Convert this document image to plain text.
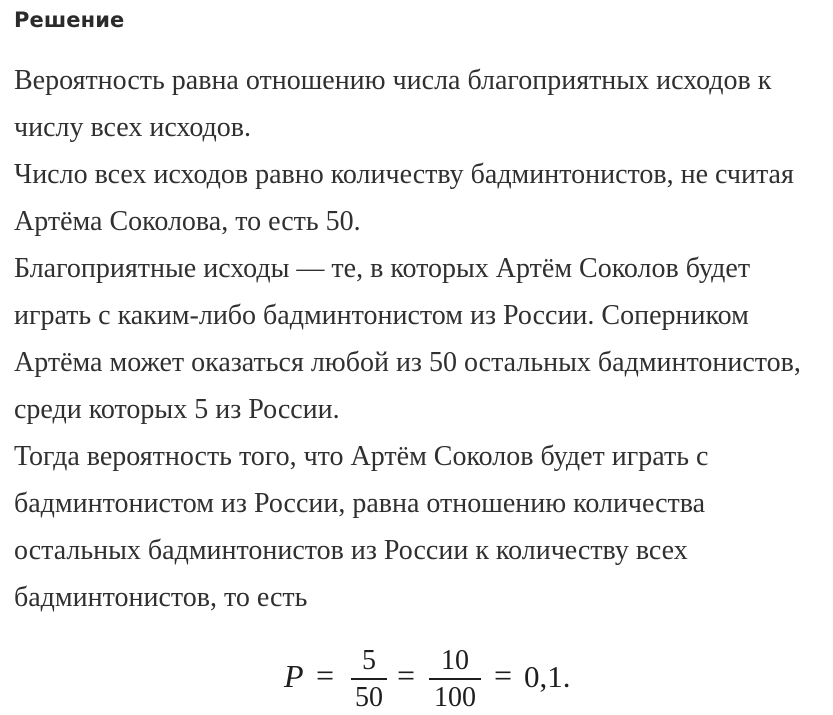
Решение

Вероятность равна отношению числа благоприятных исходов к числу всех исходов.

Число всех исходов равно количеству бадминтонистов, не считая Артёма Соколова, то есть 50.

Благоприятные исходы — те, в которых Артём Соколов будет играть с каким-либо бадминтонистом из России. Соперником Артёма может оказаться любой из 50 остальных бадминтонистов, среди которых 5 из России.

Тогда вероятность того, что Артём Соколов будет играть с бадминтонистом из России, равна отношению количества остальных бадминтонистов из России к количеству всех бадминтонистов, то есть

P = 5
50
= 10
100
= 0,1.
